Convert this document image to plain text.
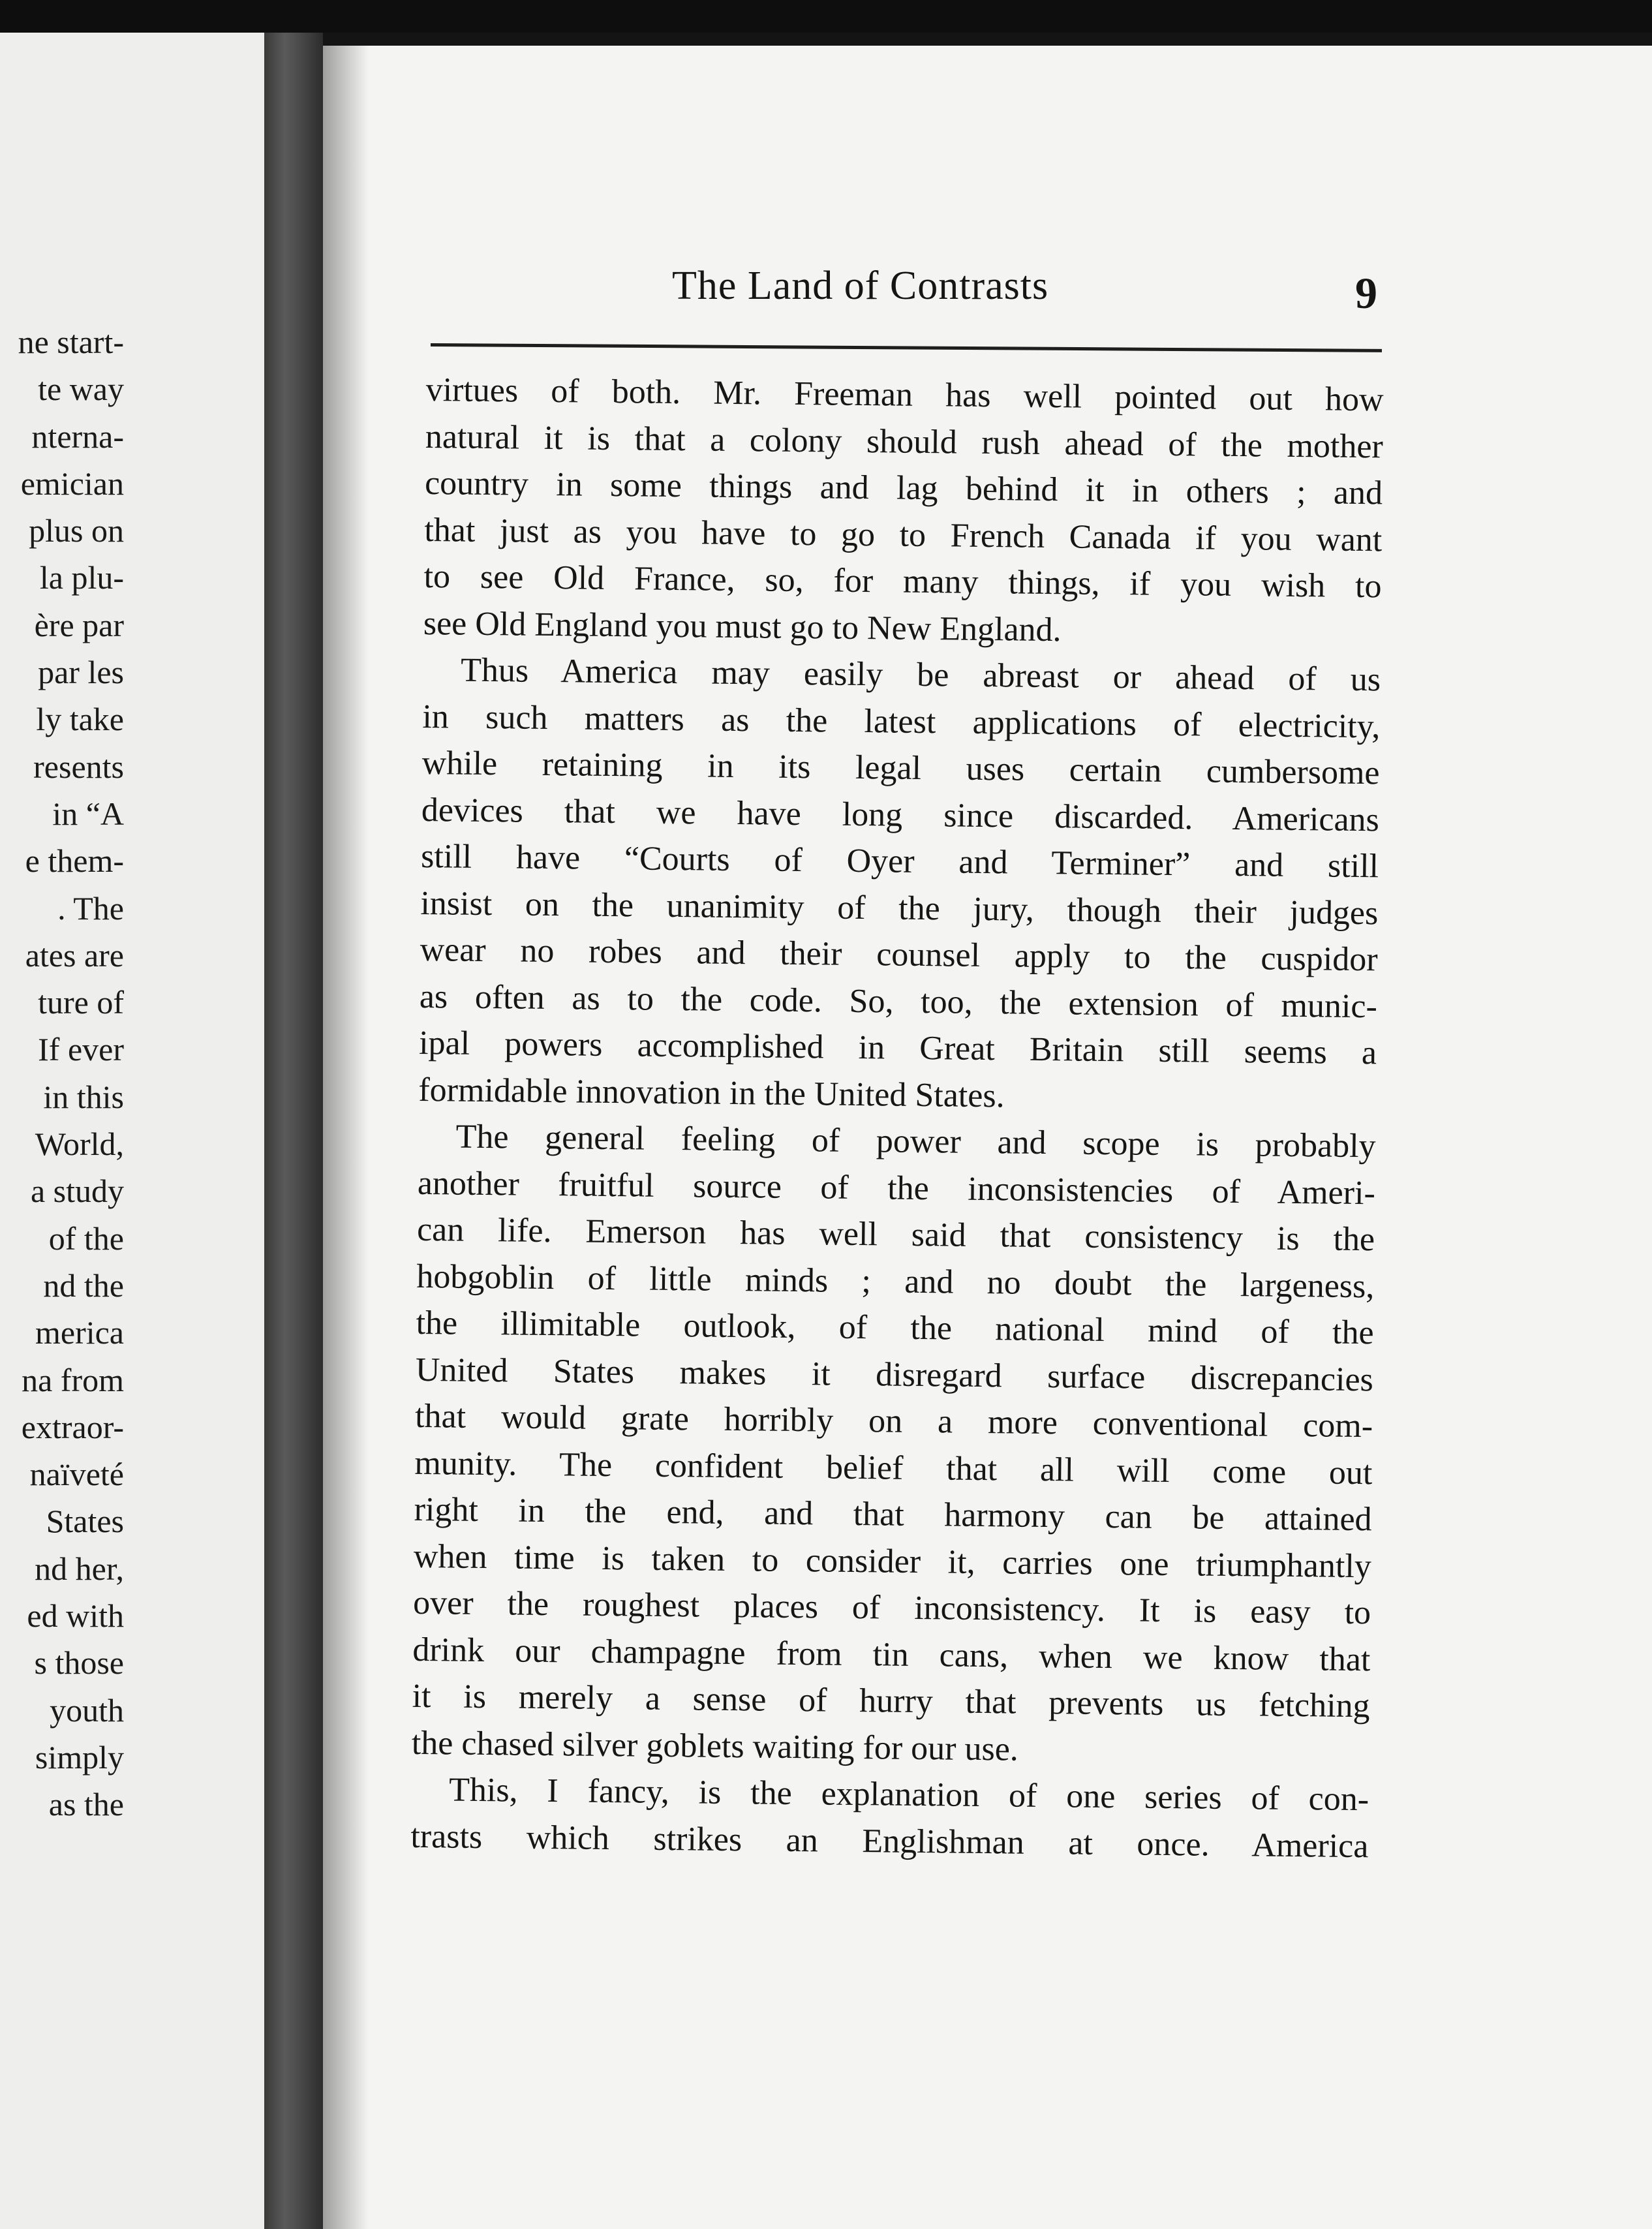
ne start-
te way
nterna-
emician
plus on
la plu-
ère par
par les
ly take
resents
in “A
e them-
. The
ates are
ture of
If ever
in this
World,
a study
of the
nd the
merica
na from
extraor-
naïveté
States
nd her,
ed with
s those
youth
simply
as the
The Land of Contrasts	9
virtues of both. Mr. Freeman has well pointed out how
natural it is that a colony should rush ahead of the mother
country in some things and lag behind it in others ; and
that just as you have to go to French Canada if you want
to see Old France, so, for many things, if you wish to
see Old England you must go to New England.
Thus America may easily be abreast or ahead of us
in such matters as the latest applications of electricity,
while retaining in its legal uses certain cumbersome
devices that we have long since discarded. Americans
still have “Courts of Oyer and Terminer” and still
insist on the unanimity of the jury, though their judges
wear no robes and their counsel apply to the cuspidor
as often as to the code. So, too, the extension of munic-
ipal powers accomplished in Great Britain still seems a
formidable innovation in the United States.
The general feeling of power and scope is probably
another fruitful source of the inconsistencies of Ameri-
can life. Emerson has well said that consistency is the
hobgoblin of little minds ; and no doubt the largeness,
the illimitable outlook, of the national mind of the
United States makes it disregard surface discrepancies
that would grate horribly on a more conventional com-
munity. The confident belief that all will come out
right in the end, and that harmony can be attained
when time is taken to consider it, carries one triumphantly
over the roughest places of inconsistency. It is easy to
drink our champagne from tin cans, when we know that
it is merely a sense of hurry that prevents us fetching
the chased silver goblets waiting for our use.
This, I fancy, is the explanation of one series of con-
trasts which strikes an Englishman at once. America
